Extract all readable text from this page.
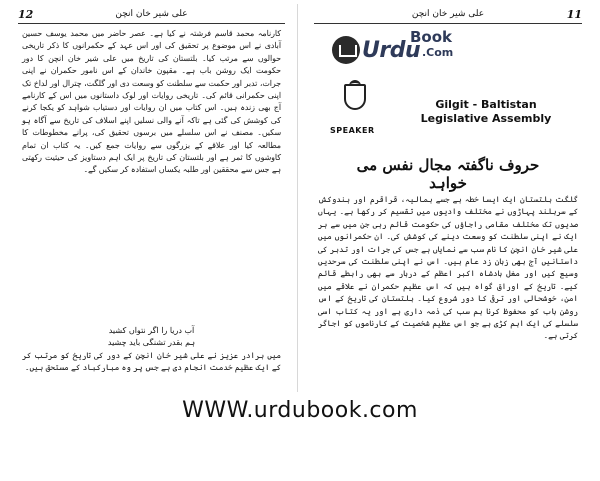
12	علی شیر خان انچن
کارنامہ محمد قاسم فرشتہ نے کیا ہے۔ عصر حاضر میں محمد یوسف حسین آبادی نے اس موضوع پر تحقیق کی اور اس عہد کے حکمرانوں کا ذکر تاریخی حوالوں سے مرتب کیا۔ بلتستان کی تاریخ میں علی شیر خان انچن کا دور حکومت ایک روشن باب ہے۔ مقپون خاندان کے اس نامور حکمران نے اپنی جرات، تدبر اور حکمت سے سلطنت کو وسعت دی اور گلگت، چترال اور لداخ تک اپنی حکمرانی قائم کی۔ تاریخی روایات اور لوک داستانوں میں اس کے کارنامے آج بھی زندہ ہیں۔ اس کتاب میں ان روایات اور دستیاب شواہد کو یکجا کرنے کی کوشش کی گئی ہے تاکہ آنے والی نسلیں اپنے اسلاف کی تاریخ سے آگاہ ہو سکیں۔ مصنف نے اس سلسلے میں برسوں تحقیق کی، پرانے مخطوطات کا مطالعہ کیا اور علاقے کے بزرگوں سے روایات جمع کیں۔ یہ کتاب ان تمام کاوشوں کا ثمر ہے اور بلتستان کی تاریخ پر ایک اہم دستاویز کی حیثیت رکھتی ہے جس سے محققین اور طلبہ یکساں استفادہ کر سکیں گے۔
آب دریا را اگر نتواں کشید
ہم بقدر تشنگی باید چشید
میں برادر عزیز نے علی شیر خان انچن کے دور کی تاریخ کو مرتب کر کے ایک عظیم خدمت انجام دی ہے جس پر وہ مبارکباد کے مستحق ہیں۔
11
علی شیر خان انچن
Urdu
Book
.Com
SPEAKER
Gilgit - Baltistan
Legislative Assembly
حروف ناگفتہ مجال نفس می خواہد
گلگت بلتستان ایک ایسا خطہ ہے جسے ہمالیہ، قراقرم اور ہندوکش کے سربلند پہاڑوں نے مختلف وادیوں میں تقسیم کر رکھا ہے۔ یہاں صدیوں تک مختلف مقامی راجاؤں کی حکومت قائم رہی جن میں سے ہر ایک نے اپنی سلطنت کو وسعت دینے کی کوشش کی۔ ان حکمرانوں میں علی شیر خان انچن کا نام سب سے نمایاں ہے جس کی جرات اور تدبر کی داستانیں آج بھی زبان زد عام ہیں۔ اس نے اپنی سلطنت کی سرحدیں وسیع کیں اور مغل بادشاہ اکبر اعظم کے دربار سے بھی رابطے قائم کیے۔ تاریخ کے اوراق گواہ ہیں کہ اس عظیم حکمران نے علاقے میں امن، خوشحالی اور ترقی کا دور شروع کیا۔ بلتستان کی تاریخ کے اس روشن باب کو محفوظ کرنا ہم سب کی ذمہ داری ہے اور یہ کتاب اسی سلسلے کی ایک اہم کڑی ہے جو اس عظیم شخصیت کے کارناموں کو اجاگر کرتی ہے۔
WWW.urdubook.com
